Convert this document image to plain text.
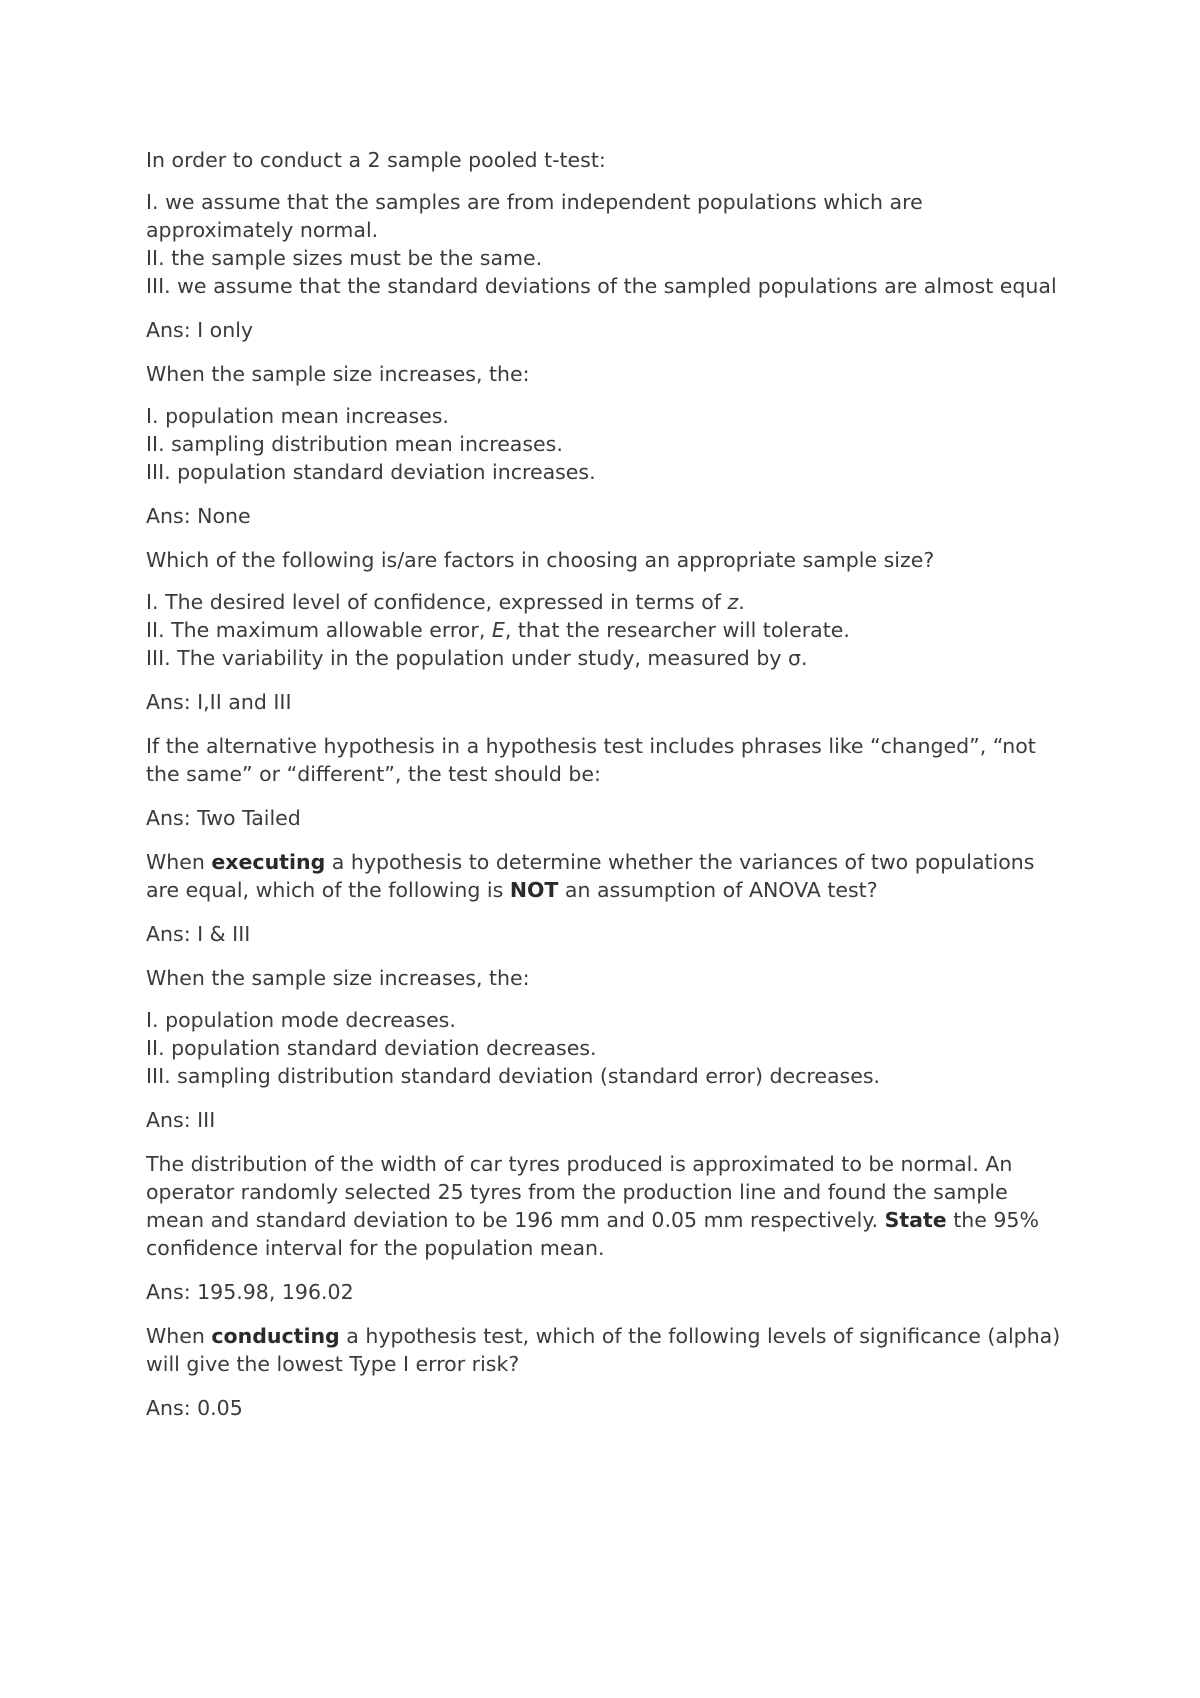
In order to conduct a 2 sample pooled t-test:

I. we assume that the samples are from independent populations which are approximately normal.
II. the sample sizes must be the same.
III. we assume that the standard deviations of the sampled populations are almost equal

Ans: I only

When the sample size increases, the:

I. population mean increases.
II. sampling distribution mean increases.
III. population standard deviation increases.

Ans: None

Which of the following is/are factors in choosing an appropriate sample size?

I. The desired level of confidence, expressed in terms of z.
II. The maximum allowable error, E, that the researcher will tolerate.
III. The variability in the population under study, measured by σ.

Ans: I,II and III

If the alternative hypothesis in a hypothesis test includes phrases like “changed”, “not the same” or “different”, the test should be:

Ans: Two Tailed

When executing a hypothesis to determine whether the variances of two populations are equal, which of the following is NOT an assumption of ANOVA test?

Ans: I & III

When the sample size increases, the:

I. population mode decreases.
II. population standard deviation decreases.
III. sampling distribution standard deviation (standard error) decreases.

Ans: III

The distribution of the width of car tyres produced is approximated to be normal. An operator randomly selected 25 tyres from the production line and found the sample mean and standard deviation to be 196 mm and 0.05 mm respectively. State the 95% confidence interval for the population mean.

Ans: 195.98, 196.02

When conducting a hypothesis test, which of the following levels of significance (alpha) will give the lowest Type I error risk?

Ans: 0.05
